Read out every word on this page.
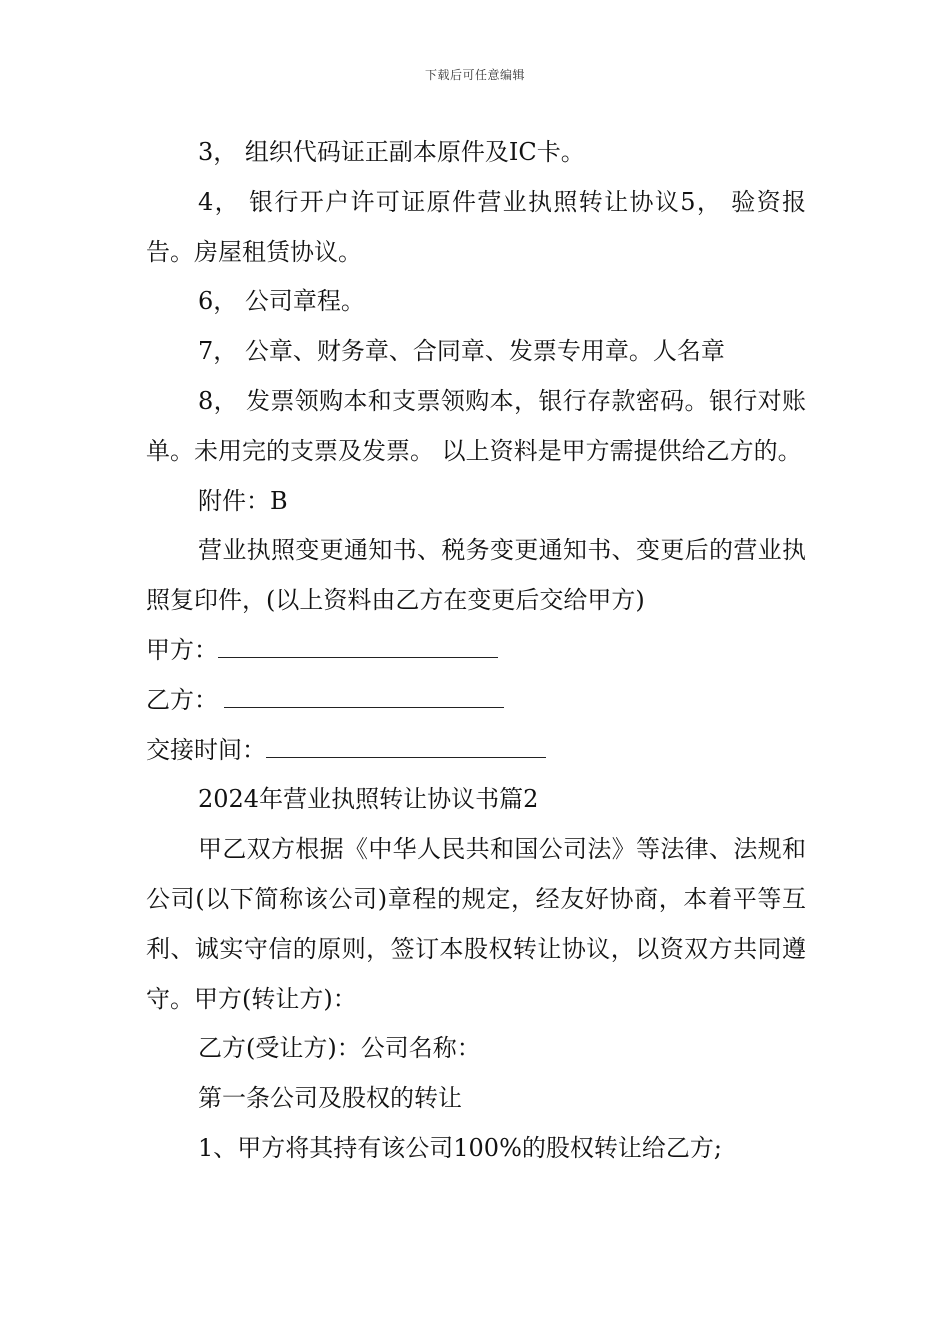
下载后可任意编辑

3， 组织代码证正副本原件及IC卡。

4， 银行开户许可证原件营业执照转让协议5， 验资报告。房屋租赁协议。

6， 公司章程。

7， 公章、财务章、合同章、发票专用章。人名章

8， 发票领购本和支票领购本，银行存款密码。银行对账单。未用完的支票及发票。 以上资料是甲方需提供给乙方的。

附件：B

营业执照变更通知书、税务变更通知书、变更后的营业执照复印件，(以上资料由乙方在变更后交给甲方)

甲方：

乙方：

交接时间：

2024年营业执照转让协议书篇2

甲乙双方根据《中华人民共和国公司法》等法律、法规和公司(以下简称该公司)章程的规定，经友好协商，本着平等互利、诚实守信的原则，签订本股权转让协议，以资双方共同遵守。甲方(转让方)：

乙方(受让方)：公司名称：

第一条公司及股权的转让

1、甲方将其持有该公司100%的股权转让给乙方;
